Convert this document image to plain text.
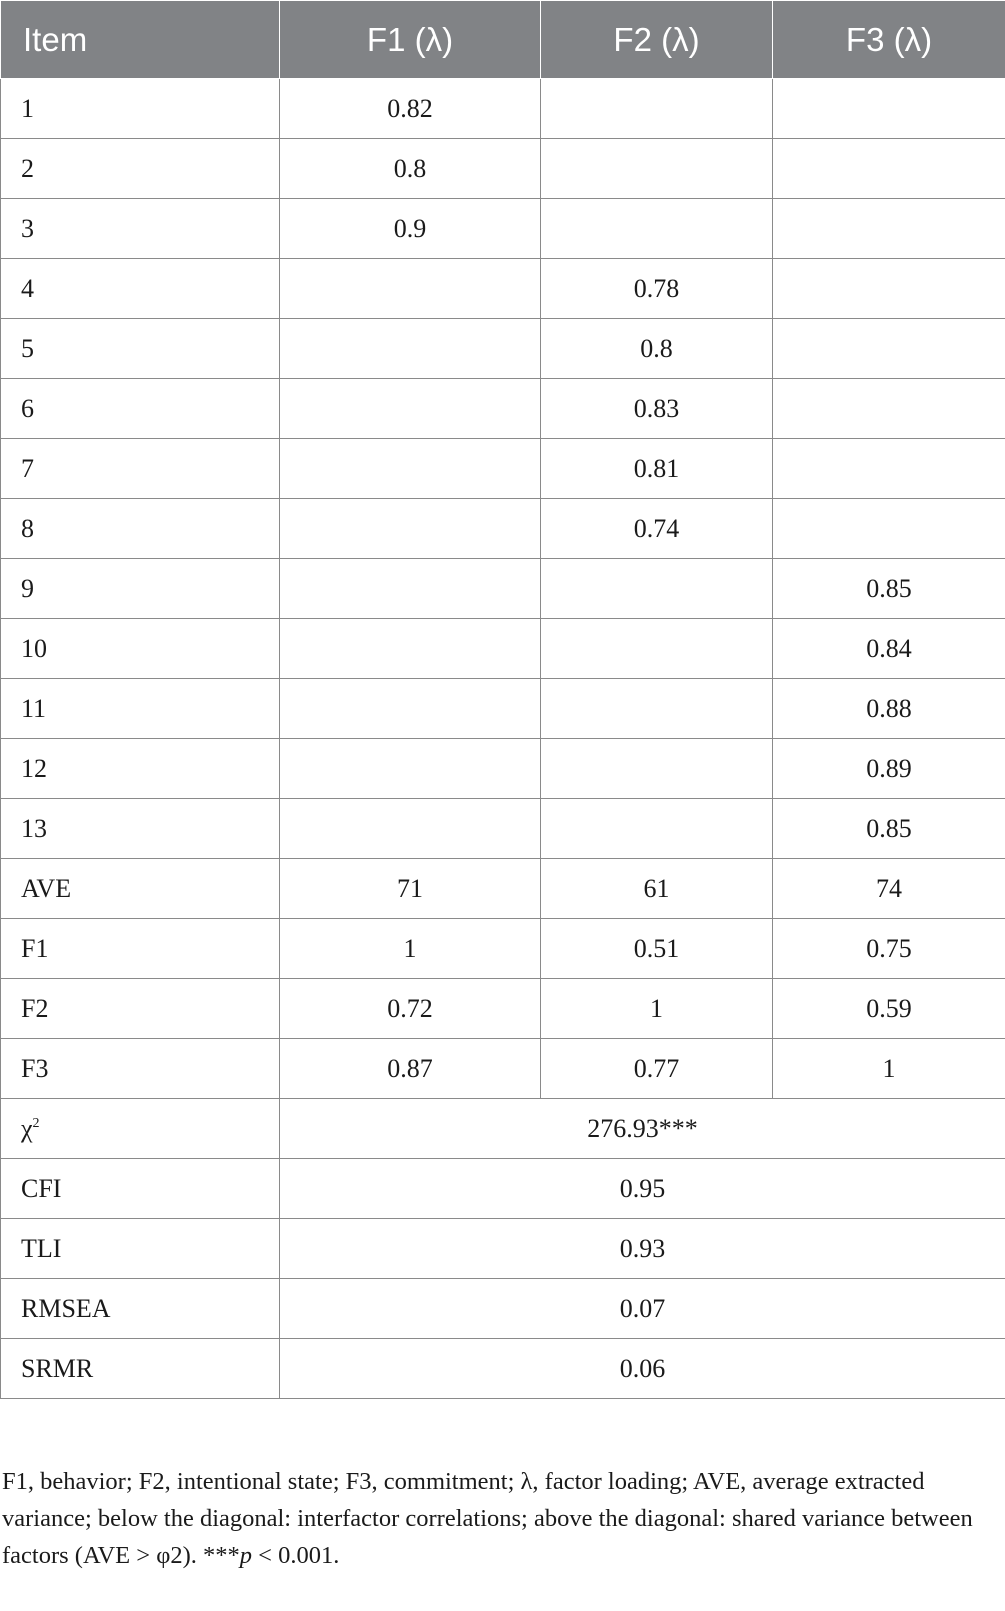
Item	F1 (λ)	F2 (λ)	F3 (λ)
1	0.82		
2	0.8		
3	0.9		
4		0.78	
5		0.8	
6		0.83	
7		0.81	
8		0.74	
9			0.85
10			0.84
11			0.88
12			0.89
13			0.85
AVE	71	61	74
F1	1	0.51	0.75
F2	0.72	1	0.59
F3	0.87	0.77	1
$\chi^2$	276.93***		
CFI	0.95		
TLI	0.93		
RMSEA	0.07		
SRMR	0.06		
F1, behavior; F2, intentional state; F3, commitment; λ, factor loading; AVE, average extracted variance; below the diagonal: interfactor correlations; above the diagonal: shared variance between factors (AVE > φ2). ***p < 0.001.
